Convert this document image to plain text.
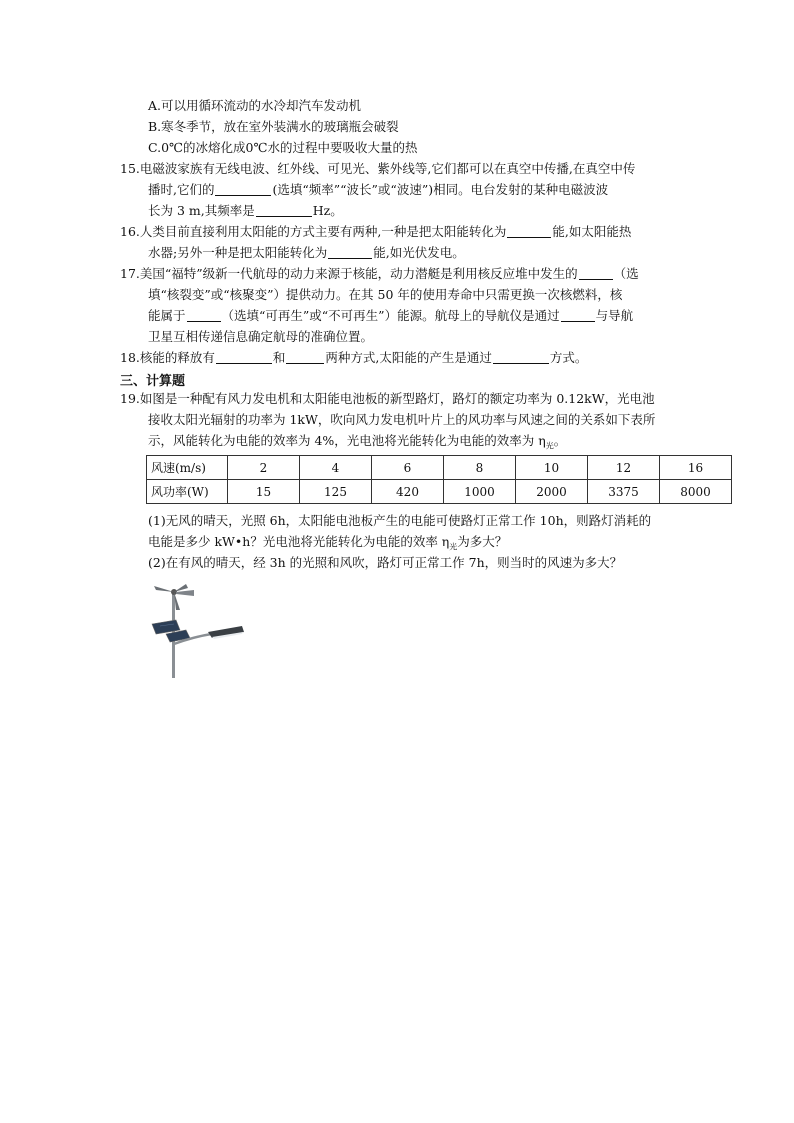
A.可以用循环流动的水冷却汽车发动机
B.寒冬季节，放在室外装满水的玻璃瓶会破裂
C.0℃的冰熔化成0℃水的过程中要吸收大量的热
15.电磁波家族有无线电波、红外线、可见光、紫外线等,它们都可以在真空中传播,在真空中传
播时,它们的	(选填“频率”“波长”或“波速”)相同。电台发射的某种电磁波波
长为 3 m,其频率是	Hz。
16.人类目前直接利用太阳能的方式主要有两种,一种是把太阳能转化为	能,如太阳能热
水器;另外一种是把太阳能转化为	能,如光伏发电。
17.美国“福特”级新一代航母的动力来源于核能，动力潜艇是利用核反应堆中发生的	（选
填“核裂变”或“核聚变”）提供动力。在其 50 年的使用寿命中只需更换一次核燃料，核
能属于	（选填“可再生”或“不可再生”）能源。航母上的导航仪是通过	与导航
卫星互相传递信息确定航母的准确位置。
18.核能的释放有	和	两种方式,太阳能的产生是通过	方式。
三、计算题
19.如图是一种配有风力发电机和太阳能电池板的新型路灯，路灯的额定功率为 0.12kW，光电池
接收太阳光辐射的功率为 1kW，吹向风力发电机叶片上的风功率与风速之间的关系如下表所
示，风能转化为电能的效率为 4%，光电池将光能转化为电能的效率为 $\eta_光$。
风速(m/s)	2	4	6	8	10	12	16
风功率(W)	15	125	420	1000	2000	3375	8000
(1)无风的晴天，光照 6h，太阳能电池板产生的电能可使路灯正常工作 10h，则路灯消耗的
电能是多少 kW•h？光电池将光能转化为电能的效率 $\eta_光$为多大？
(2)在有风的晴天，经 3h 的光照和风吹，路灯可正常工作 7h，则当时的风速为多大？
